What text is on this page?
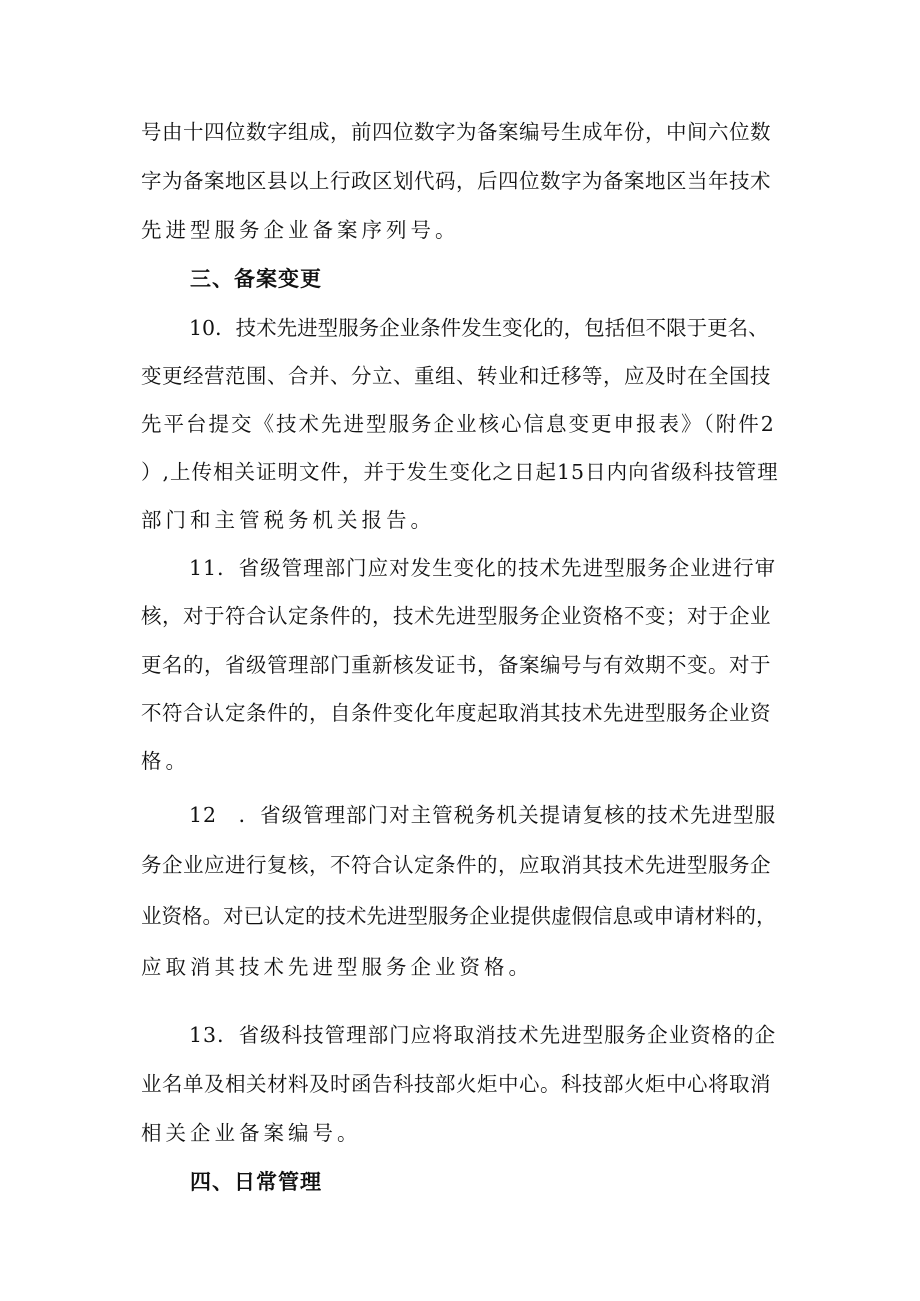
号由十四位数字组成，前四位数字为备案编号生成年份，中间六位数

字为备案地区县以上行政区划代码，后四位数字为备案地区当年技术

先进型服务企业备案序列号。

三、备案变更

10．技术先进型服务企业条件发生变化的，包括但不限于更名、

变更经营范围、合并、分立、重组、转业和迁移等，应及时在全国技

先平台提交《技术先进型服务企业核心信息变更申报表》（附件2

）,上传相关证明文件，并于发生变化之日起15日内向省级科技管理

部门和主管税务机关报告。

11．省级管理部门应对发生变化的技术先进型服务企业进行审

核，对于符合认定条件的，技术先进型服务企业资格不变；对于企业

更名的，省级管理部门重新核发证书，备案编号与有效期不变。对于

不符合认定条件的，自条件变化年度起取消其技术先进型服务企业资

格。

12　．省级管理部门对主管税务机关提请复核的技术先进型服

务企业应进行复核，不符合认定条件的，应取消其技术先进型服务企

业资格。对已认定的技术先进型服务企业提供虚假信息或申请材料的，

应取消其技术先进型服务企业资格。

13．省级科技管理部门应将取消技术先进型服务企业资格的企

业名单及相关材料及时函告科技部火炬中心。科技部火炬中心将取消

相关企业备案编号。

四、日常管理
